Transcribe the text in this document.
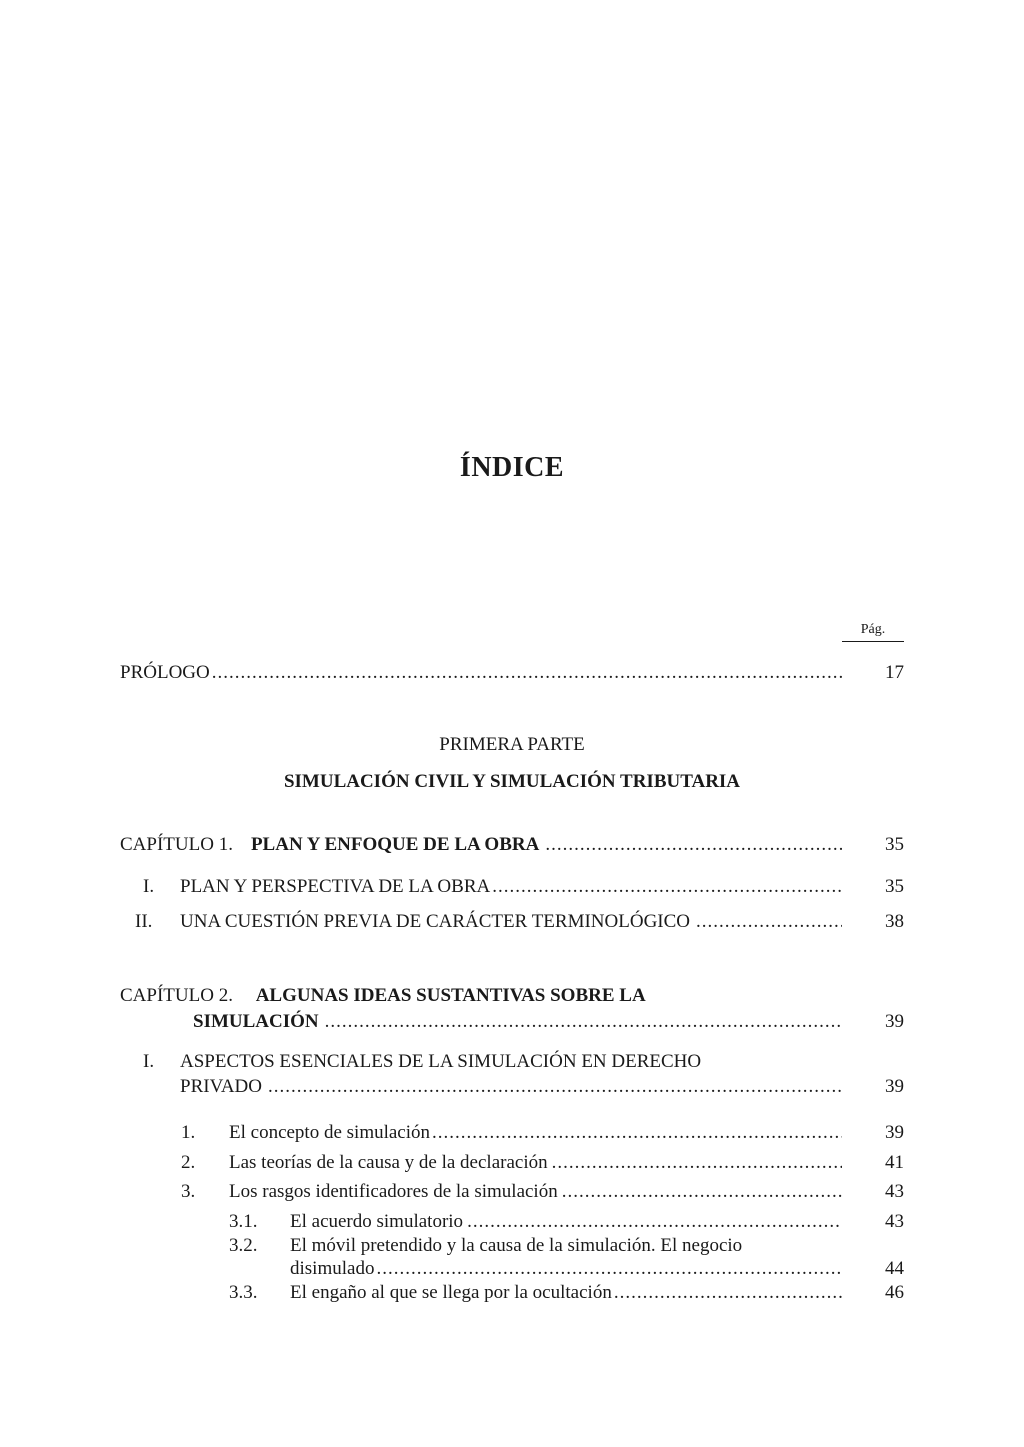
ÍNDICE
Pág.
PRÓLOGO .....	17
PRIMERA PARTE
SIMULACIÓN CIVIL Y SIMULACIÓN TRIBUTARIA
CAPÍTULO 1. PLAN Y ENFOQUE DE LA OBRA .....	35
I. PLAN Y PERSPECTIVA DE LA OBRA .....	35
II. UNA CUESTIÓN PREVIA DE CARÁCTER TERMINOLÓGICO .....	38
CAPÍTULO 2. ALGUNAS IDEAS SUSTANTIVAS SOBRE LA
SIMULACIÓN .....	39
I. ASPECTOS ESENCIALES DE LA SIMULACIÓN EN DERECHO
PRIVADO .....	39
1. El concepto de simulación .....	39
2. Las teorías de la causa y de la declaración .....	41
3. Los rasgos identificadores de la simulación .....	43
3.1. El acuerdo simulatorio .....	43
3.2. El móvil pretendido y la causa de la simulación. El negocio
disimulado .....	44
3.3. El engaño al que se llega por la ocultación .....	46
